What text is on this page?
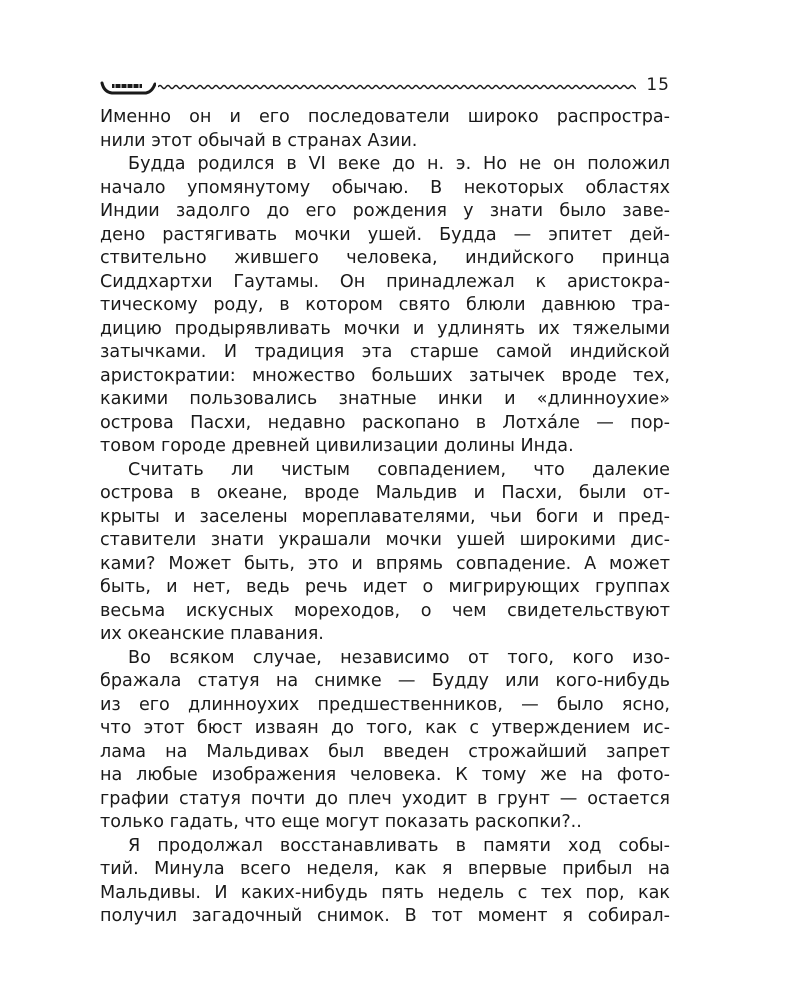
15
Именно он и его последователи широко распростра-
нили этот обычай в странах Азии.
Будда родился в VI веке до н. э. Но не он положил
начало упомянутому обычаю. В некоторых областях
Индии задолго до его рождения у знати было заве-
дено растягивать мочки ушей. Будда — эпитет дей-
ствительно жившего человека, индийского принца
Сиддхартхи Гаутамы. Он принадлежал к аристокра-
тическому роду, в котором свято блюли давнюю тра-
дицию продырявливать мочки и удлинять их тяжелыми
затычками. И традиция эта старше самой индийской
аристократии: множество больших затычек вроде тех,
какими пользовались знатные инки и «длинноухие»
острова Пасхи, недавно раскопано в Лотха́ле — пор-
товом городе древней цивилизации долины Инда.
Считать ли чистым совпадением, что далекие
острова в океане, вроде Мальдив и Пасхи, были от-
крыты и заселены мореплавателями, чьи боги и пред-
ставители знати украшали мочки ушей широкими дис-
ками? Может быть, это и впрямь совпадение. А может
быть, и нет, ведь речь идет о мигрирующих группах
весьма искусных мореходов, о чем свидетельствуют
их океанские плавания.
Во всяком случае, независимо от того, кого изо-
бражала статуя на снимке — Будду или кого-нибудь
из его длинноухих предшественников, — было ясно,
что этот бюст изваян до того, как с утверждением ис-
лама на Мальдивах был введен строжайший запрет
на любые изображения человека. К тому же на фото-
графии статуя почти до плеч уходит в грунт — остается
только гадать, что еще могут показать раскопки?..
Я продолжал восстанавливать в памяти ход собы-
тий. Минула всего неделя, как я впервые прибыл на
Мальдивы. И каких-нибудь пять недель с тех пор, как
получил загадочный снимок. В тот момент я собирал-
